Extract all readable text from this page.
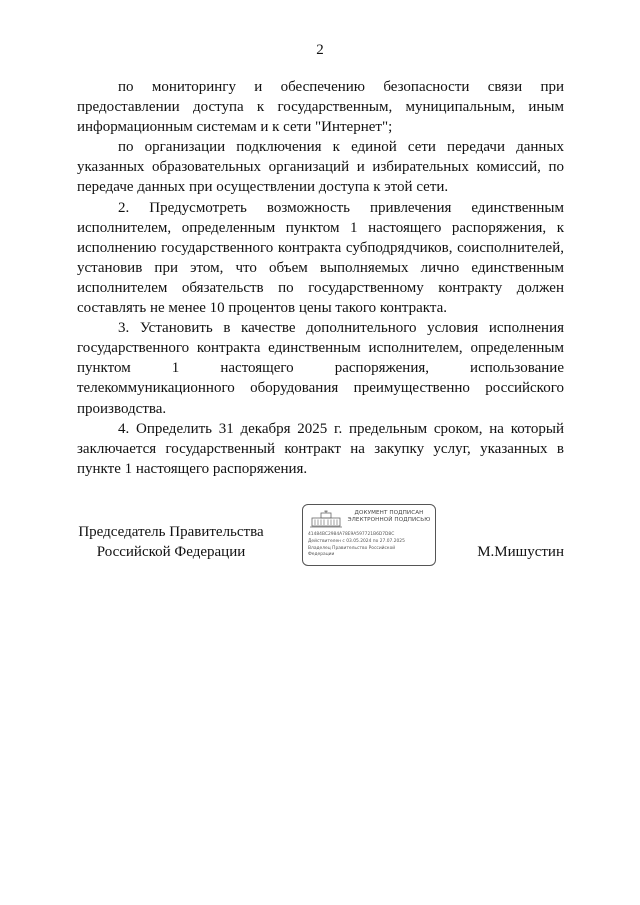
2

по мониторингу и обеспечению безопасности связи при предоставлении доступа к государственным, муниципальным, иным информационным системам и к сети "Интернет";

по организации подключения к единой сети передачи данных указанных образовательных организаций и избирательных комиссий, по передаче данных при осуществлении доступа к этой сети.

2. Предусмотреть возможность привлечения единственным исполнителем, определенным пунктом 1 настоящего распоряжения, к исполнению государственного контракта субподрядчиков, соисполнителей, установив при этом, что объем выполняемых лично единственным исполнителем обязательств по государственному контракту должен составлять не менее 10 процентов цены такого контракта.

3. Установить в качестве дополнительного условия исполнения государственного контракта единственным исполнителем, определенным пунктом 1 настоящего распоряжения, использование телекоммуникационного оборудования преимущественно российского производства.

4. Определить 31 декабря 2025 г. предельным сроком, на который заключается государственный контракт на закупку услуг, указанных в пункте 1 настоящего распоряжения.

Председатель Правительства
Российской Федерации
ДОКУМЕНТ ПОДПИСАН ЭЛЕКТРОННОЙ ПОДПИСЬЮ
41484BC2984A78E9A597721B6D7D8C
Действителен с 03.05.2024 по 27.07.2025
Владелец Правительство Российской
Федерации	М.Мишустин
